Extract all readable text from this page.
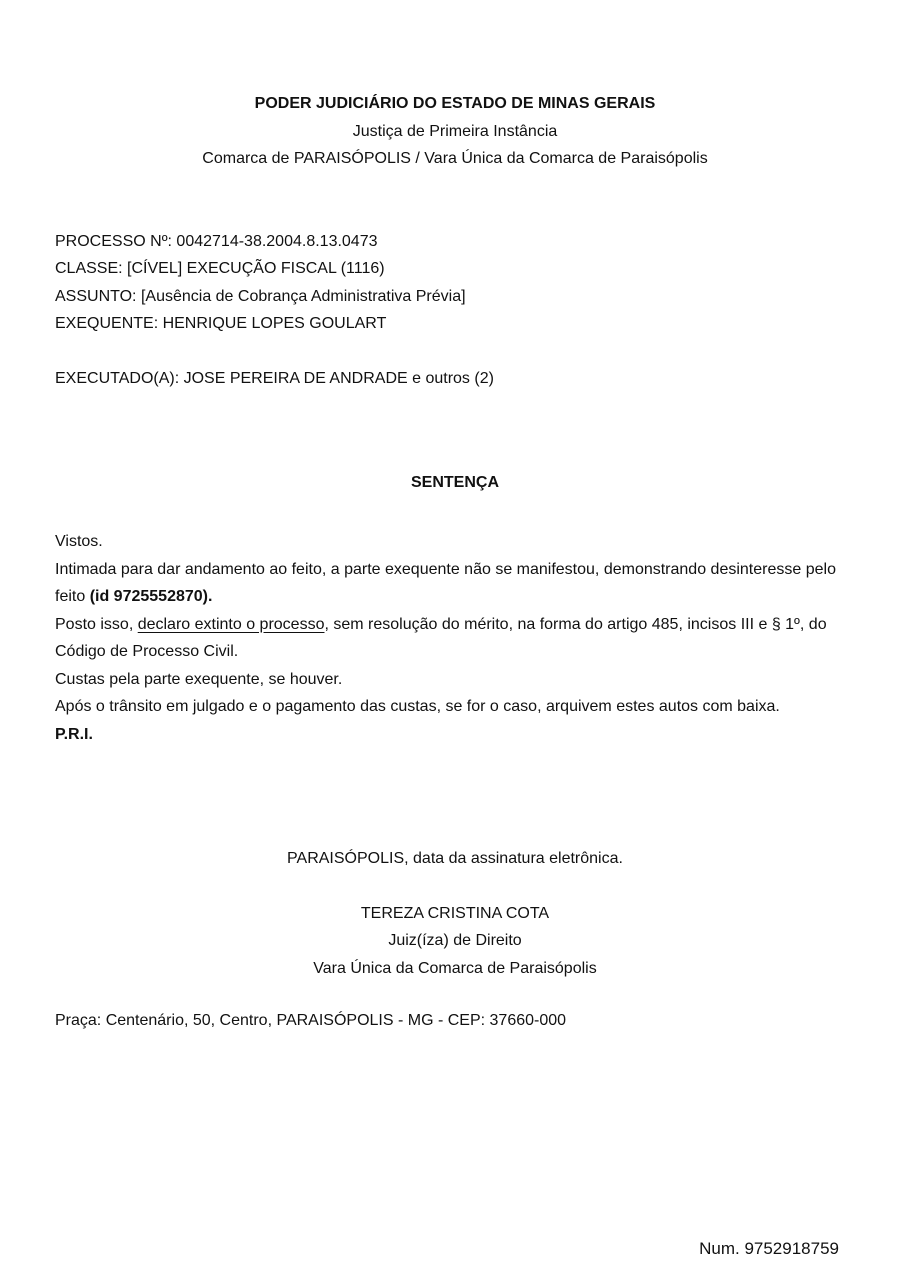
PODER JUDICIÁRIO DO ESTADO DE MINAS GERAIS
Justiça de Primeira Instância
Comarca de PARAISÓPOLIS / Vara Única da Comarca de Paraisópolis
PROCESSO Nº: 0042714-38.2004.8.13.0473
CLASSE: [CÍVEL] EXECUÇÃO FISCAL (1116)
ASSUNTO: [Ausência de Cobrança Administrativa Prévia]
EXEQUENTE: HENRIQUE LOPES GOULART
EXECUTADO(A): JOSE PEREIRA DE ANDRADE e outros (2)
SENTENÇA

Vistos.

Intimada para dar andamento ao feito, a parte exequente não se manifestou, demonstrando desinteresse pelo feito (id 9725552870).

Posto isso, declaro extinto o processo, sem resolução do mérito, na forma do artigo 485, incisos III e § 1º, do Código de Processo Civil.

Custas pela parte exequente, se houver.

Após o trânsito em julgado e o pagamento das custas, se for o caso, arquivem estes autos com baixa.

P.R.I.

PARAISÓPOLIS, data da assinatura eletrônica.
TEREZA CRISTINA COTA
Juiz(íza) de Direito
Vara Única da Comarca de Paraisópolis
Praça: Centenário, 50, Centro, PARAISÓPOLIS - MG - CEP: 37660-000
Num. 9752918759
